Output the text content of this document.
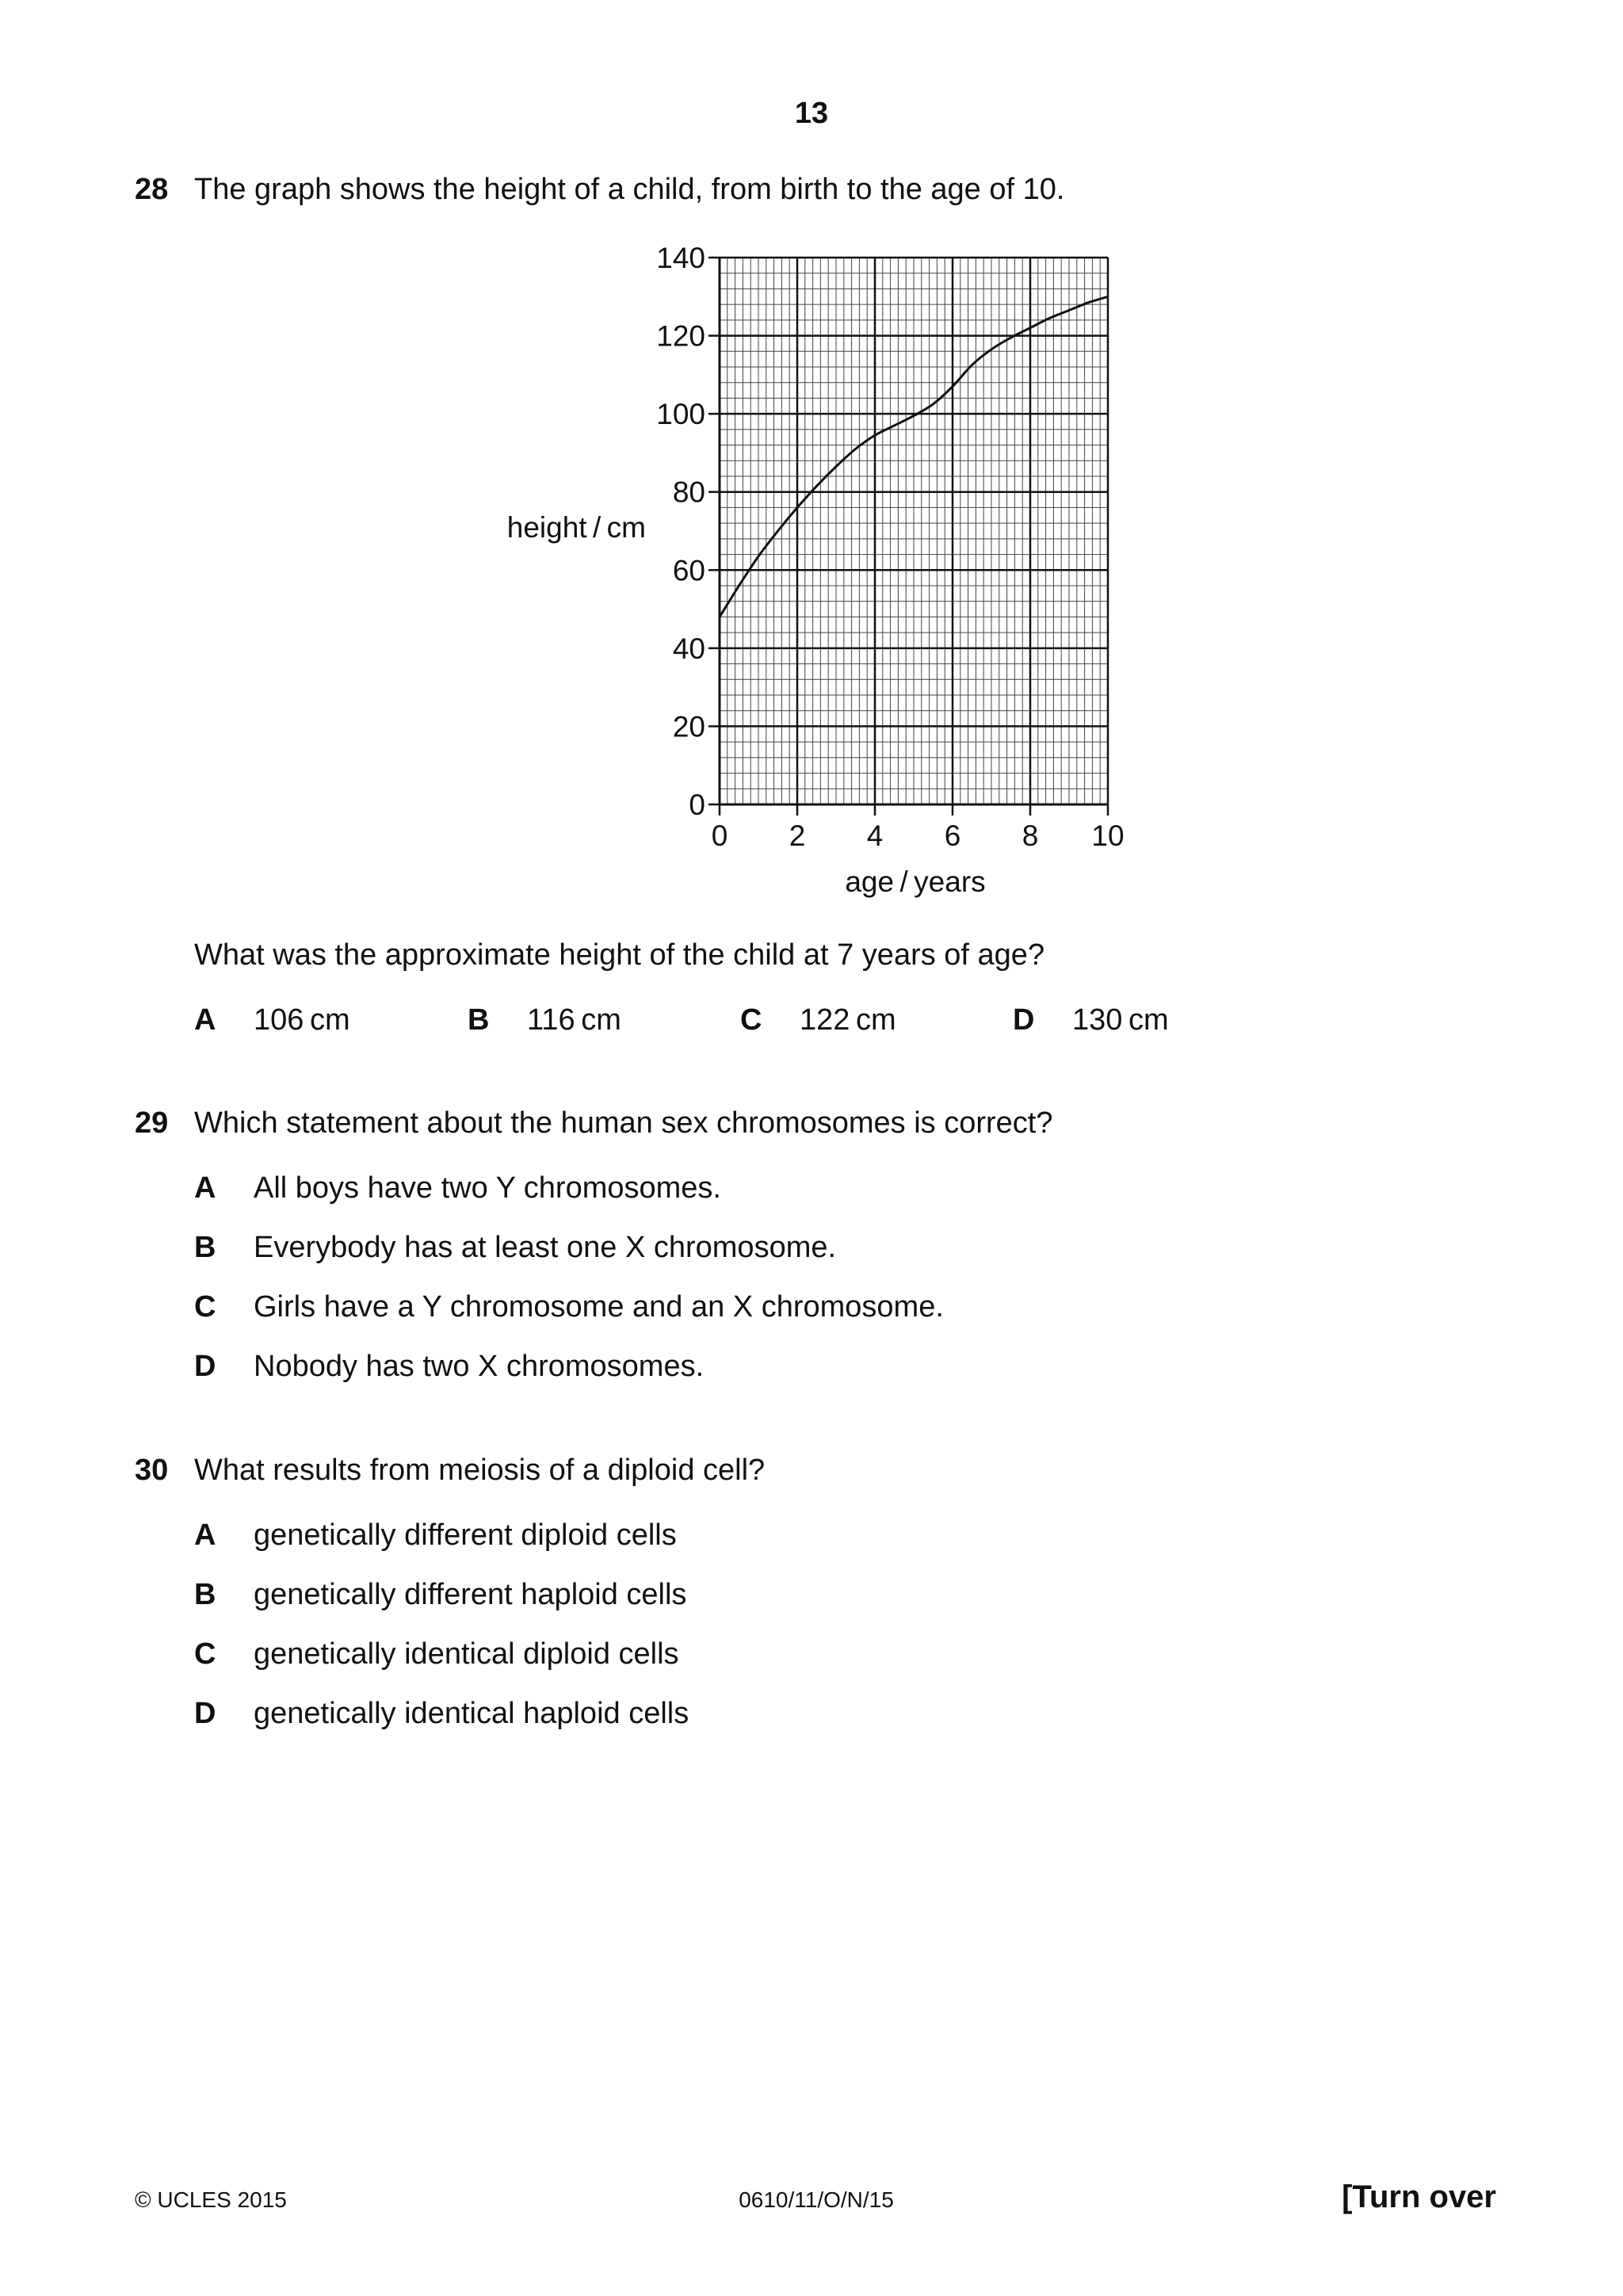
13
28 The graph shows the height of a child, from birth to the age of 10.
0
20
40
60
80
100
120
140
0 2 4 6 8 10
height / cm
age / years
What was the approximate height of the child at 7 years of age?
A 106 cm	B 116 cm	C 122 cm	D 130 cm
29 Which statement about the human sex chromosomes is correct?
A All boys have two Y chromosomes.
B Everybody has at least one X chromosome.
C Girls have a Y chromosome and an X chromosome.
D Nobody has two X chromosomes.
30 What results from meiosis of a diploid cell?
A genetically different diploid cells
B genetically different haploid cells
C genetically identical diploid cells
D genetically identical haploid cells
© UCLES 2015	0610/11/O/N/15	[Turn over
